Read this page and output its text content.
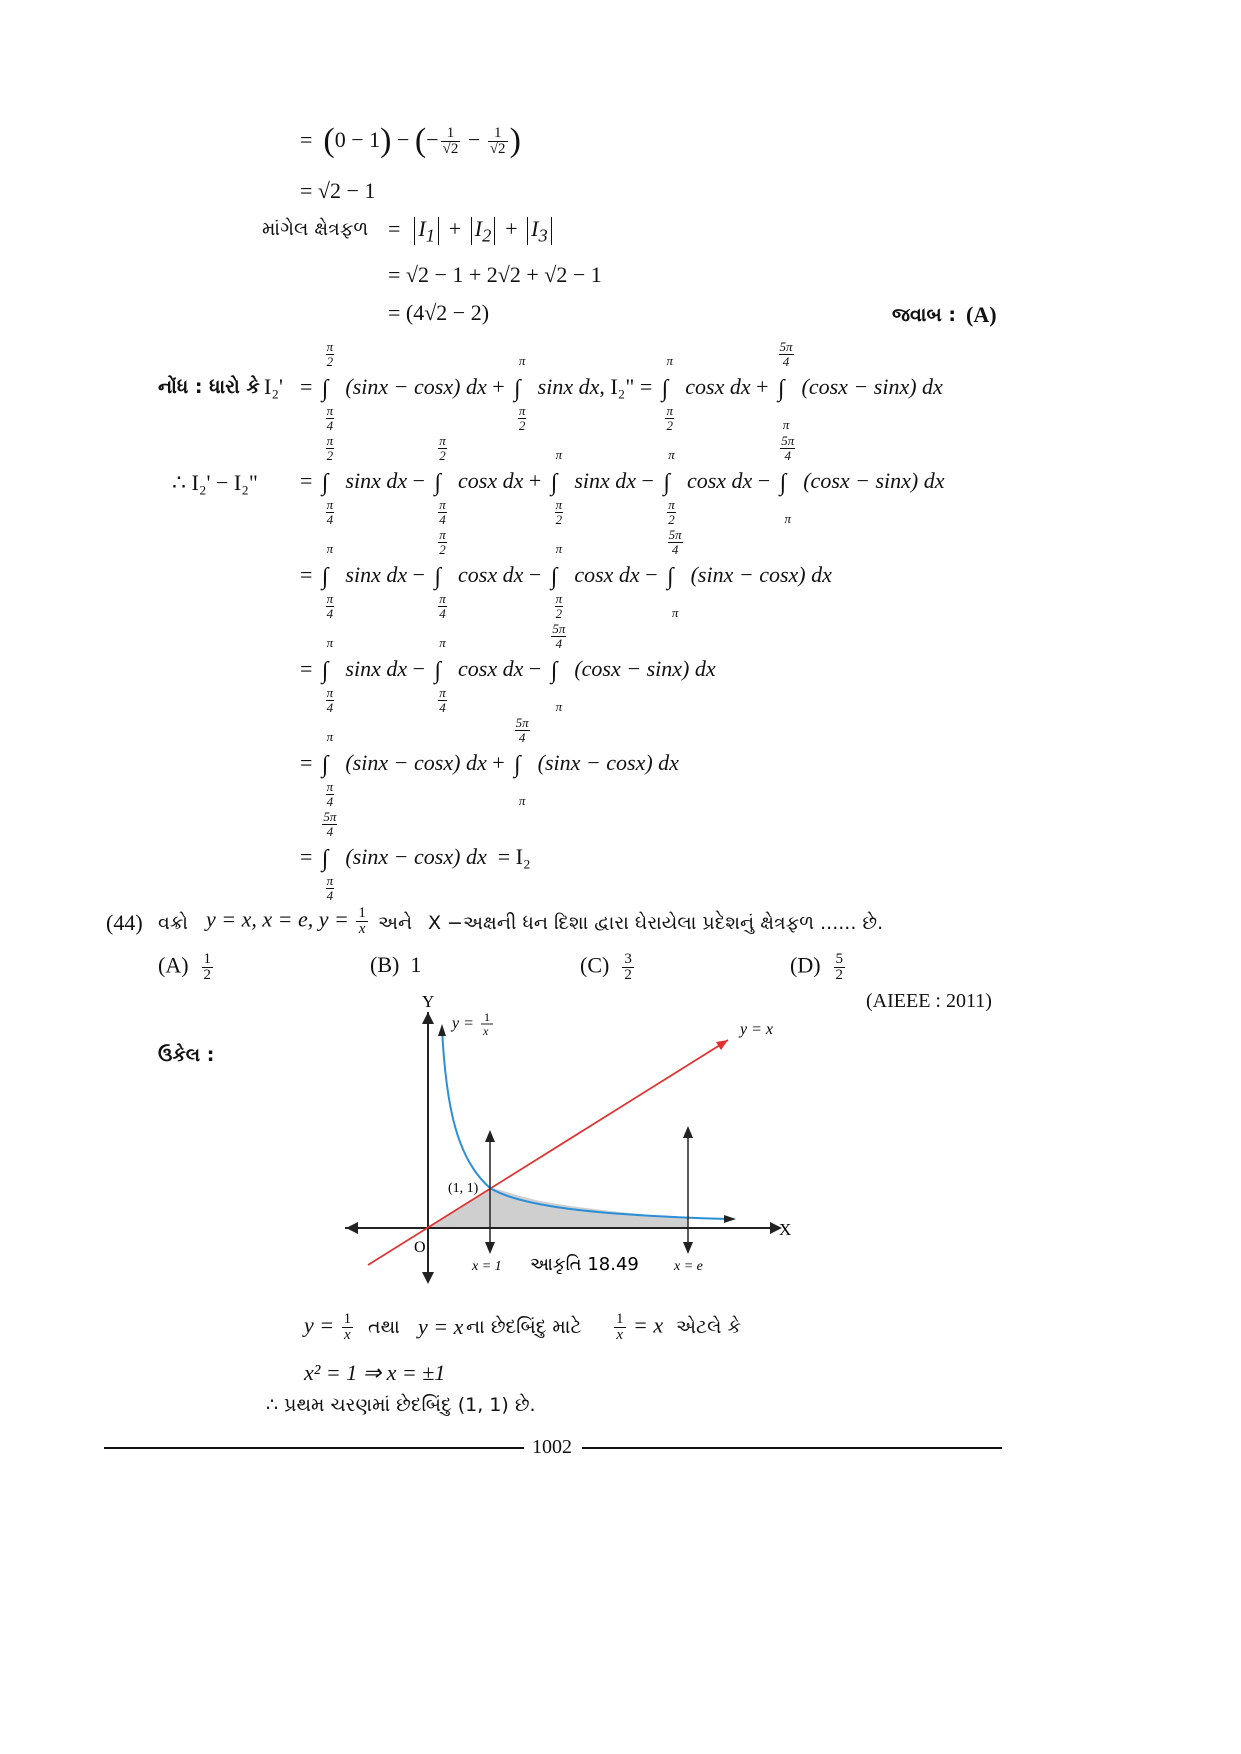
=  (0 − 1) − (− $\frac{1}{√2} - \frac{1}{√2}$ )
= √2 − 1
માંગેલ ક્ષેત્રફળ = $I_1 + I_2 + I_3$
= √2 − 1 + 2√2 + √2 − 1
= (4√2 − 2)	જવાબ : (A)
નોંધ : ધારો કે I₂' =
π
2
∫
π
4
(sinx − cosx) dx +

π
∫
π
2
sinx dx, I₂" =

π
∫
π
2
cosx dx +
5π
4
∫

π
(cosx − sinx) dx
∴ I₂' − I₂" =
π
2
∫
π
4
sinx dx −
π
2
∫
π
4
cosx dx +

π
∫
π
2
sinx dx −

π
∫
π
2
cosx dx −
5π
4
∫

π
(cosx − sinx) dx
=

π
∫
π
4
sinx dx −
π
2
∫
π
4
cosx dx −

π
∫
π
2
cosx dx −
5π
4
∫

π
(sinx − cosx) dx
=

π
∫
π
4
sinx dx −

π
∫
π
4
cosx dx −
5π
4
∫

π
(cosx − sinx) dx
=

π
∫
π
4
(sinx − cosx) dx +
5π
4
∫

π
(sinx − cosx) dx
=
5π
4
∫
π
4
(sinx − cosx) dx  = I₂
(44) વક્રો y = x, x = e, $y = \frac{1}{x}$ અને X −અક્ષની ધન દિશા દ્વારા ઘેરાયેલા પ્રદેશનું ક્ષેત્રફળ ...... છે.
$(A) \frac{1}{2}$	(B) 1	$(C) \frac{3}{2}$	$(D) \frac{5}{2}$
(AIEEE : 2011)
ઉકેલ :
Y
X
O
y = 1
x	y = x
(1, 1)
x = 1	x = e
આકૃતિ 18.49
$y = \frac{1}{x}$ તથા y = x ના છેદબિંદુ માટે $\frac{1}{x} = x$ એટલે કે
x² = 1 ⇒ x = ±1
∴ પ્રથમ ચરણમાં છેદબિંદુ (1, 1) છે.
1002
